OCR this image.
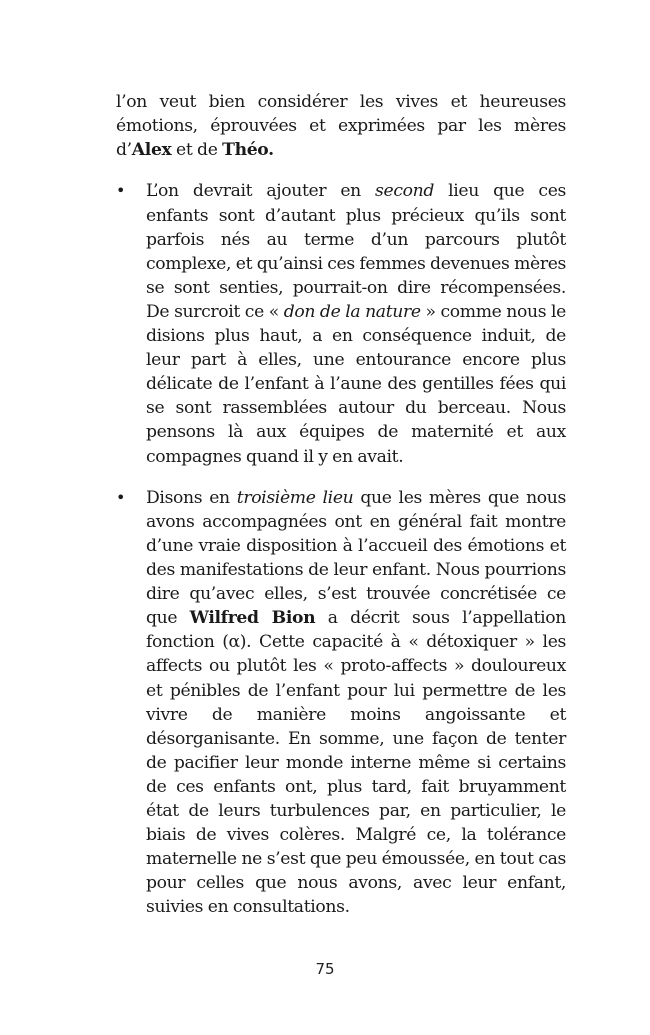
l’on veut bien considérer les vives et heureuses émotions, éprouvées et exprimées par les mères d’Alex et de Théo.

•	L’on devrait ajouter en second lieu que ces enfants sont d’autant plus précieux qu’ils sont parfois nés au terme d’un parcours plutôt complexe, et qu’ainsi ces femmes devenues mères se sont senties, pourrait-on dire récompensées. De surcroit ce « don de la nature » comme nous le disions plus haut, a en conséquence induit, de leur part à elles, une entourance encore plus délicate de l’enfant à l’aune des gentilles fées qui se sont rassemblées autour du berceau. Nous pensons là aux équipes de maternité et aux compagnes quand il y en avait.

•	Disons en troisième lieu que les mères que nous avons accompagnées ont en général fait montre d’une vraie disposition à l’accueil des émotions et des manifestations de leur enfant. Nous pourrions dire qu’avec elles, s’est trouvée concrétisée ce que Wilfred Bion a décrit sous l’appellation fonction (α). Cette capacité à « détoxiquer » les affects ou plutôt les « proto-affects » douloureux et pénibles de l’enfant pour lui permettre de les vivre de manière moins angoissante et désorganisante. En somme, une façon de tenter de pacifier leur monde interne même si certains de ces enfants ont, plus tard, fait bruyamment état de leurs turbulences par, en particulier, le biais de vives colères. Malgré ce, la tolérance maternelle ne s’est que peu émoussée, en tout cas pour celles que nous avons, avec leur enfant, suivies en consultations.

75
